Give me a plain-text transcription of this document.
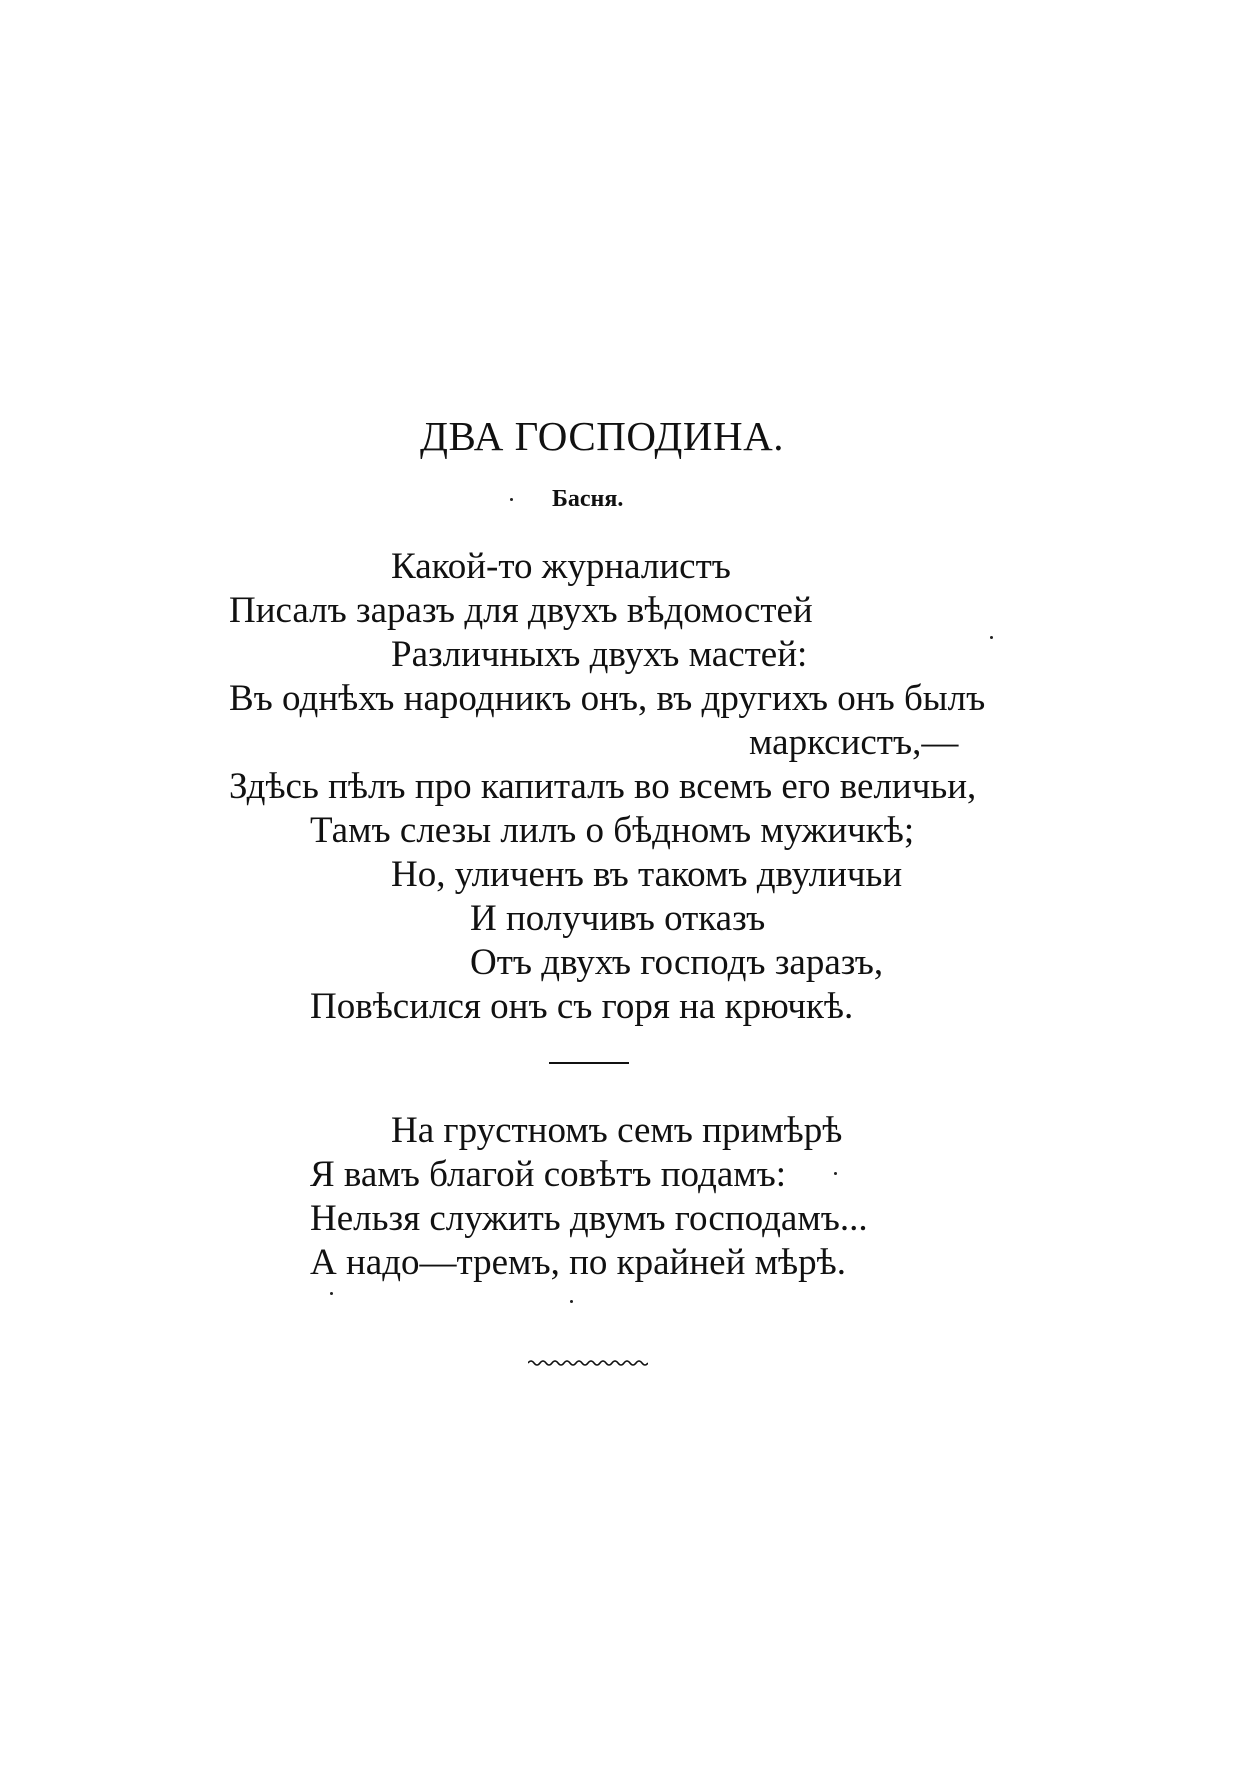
ДВА ГОСПОДИНА.
Басня.
Какой-то журналистъ
Писалъ заразъ для двухъ вѣдомостей
Различныхъ двухъ мастей:
Въ однѣхъ народникъ онъ, въ другихъ онъ былъ
марксистъ,—
Здѣсь пѣлъ про капиталъ во всемъ его величьи,
Тамъ слезы лилъ о бѣдномъ мужичкѣ;
Но, уличенъ въ такомъ двуличьи
И получивъ отказъ
Отъ двухъ господъ заразъ,
Повѣсился онъ съ горя на крючкѣ.
На грустномъ семъ примѣрѣ
Я вамъ благой совѣтъ подамъ:
Нельзя служить двумъ господамъ...
А надо—тремъ, по крайней мѣрѣ.
